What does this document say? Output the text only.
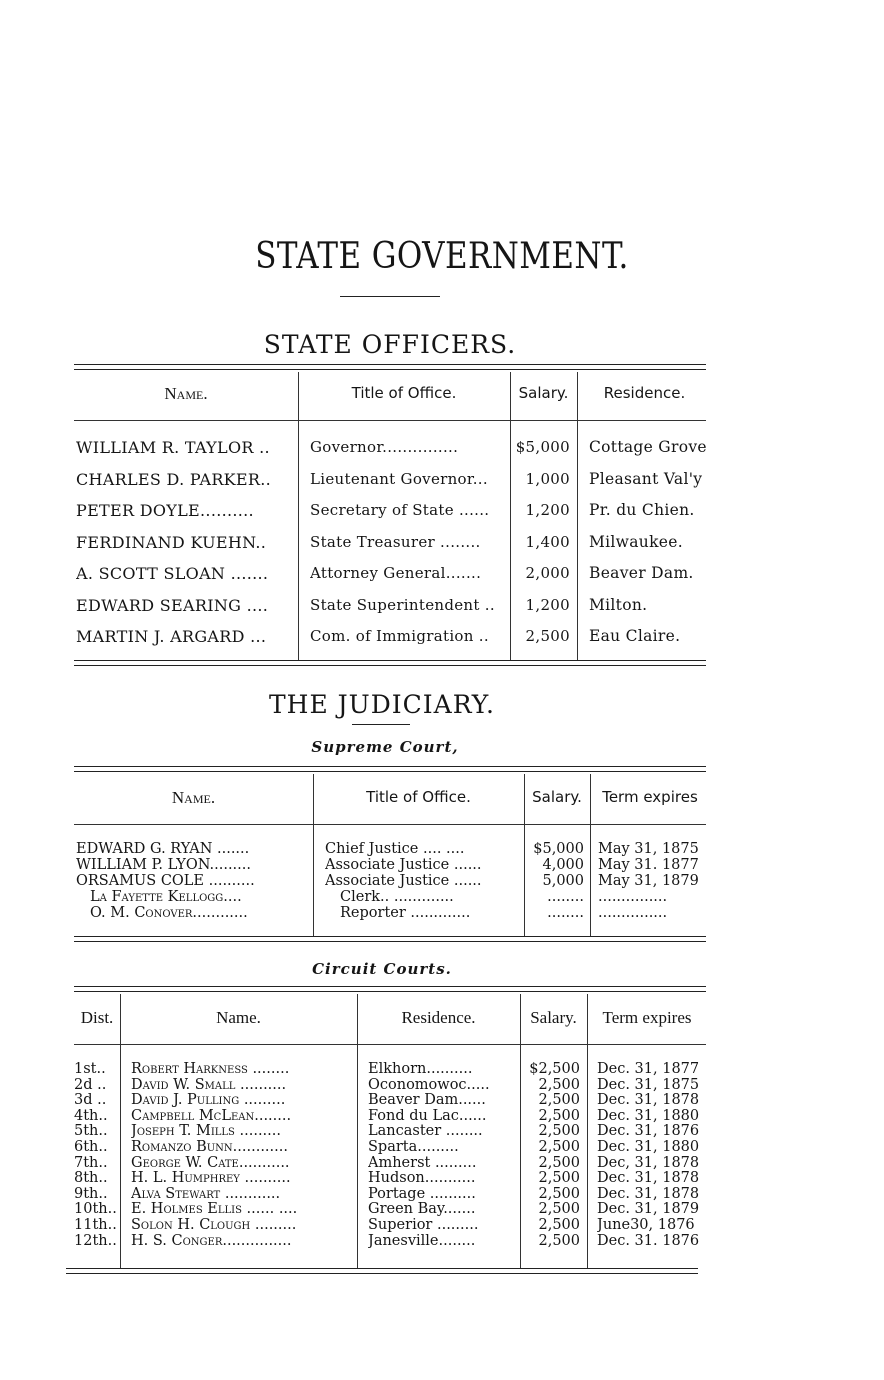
STATE GOVERNMENT.
STATE OFFICERS.
Name.	Title of Office.	Salary.	Residence.
WILLIAM R. TAYLOR ..	Governor...............	$5,000 Cottage Grove
CHARLES D. PARKER..	Lieutenant Governor...	1,000 Pleasant Val'y
PETER DOYLE..........	Secretary of State ......	1,200 Pr. du Chien.
FERDINAND KUEHN..	State Treasurer ........	1,400 Milwaukee.
A. SCOTT SLOAN .......	Attorney General.......	2,000 Beaver Dam.
EDWARD SEARING ....	State Superintendent ..	1,200 Milton.
MARTIN J. ARGARD ...	Com. of Immigration ..	2,500 Eau Claire.
THE JUDICIARY.
Supreme Court,
Name.	Title of Office.	Salary.	Term expires
EDWARD G. RYAN .......	Chief Justice .... ....	$5,000 May 31, 1875
WILLIAM P. LYON.........	Associate Justice ......	4,000 May 31. 1877
ORSAMUS COLE ..........	Associate Justice ......	5,000 May 31, 1879
La Fayette Kellogg....	Clerk.. .............	........ ...............
O. M. Conover............	Reporter .............	........ ...............
Circuit Courts.
Dist.	Name.	Residence.	Salary.	Term expires
1st..	Robert Harkness ........	Elkhorn..........	$2,500 Dec. 31, 1877
2d ..	David W. Small ..........	Oconomowoc.....	2,500 Dec. 31, 1875
3d ..	David J. Pulling .........	Beaver Dam......	2,500 Dec. 31, 1878
4th..	Campbell McLean........	Fond du Lac......	2,500 Dec. 31, 1880
5th..	Joseph T. Mills .........	Lancaster ........	2,500 Dec. 31, 1876
6th..	Romanzo Bunn............	Sparta.........	2,500 Dec. 31, 1880
7th..	George W. Cate...........	Amherst .........	2,500 Dec, 31, 1878
8th..	H. L. Humphrey ..........	Hudson...........	2,500 Dec. 31, 1878
9th..	Alva Stewart ............	Portage ..........	2,500 Dec. 31, 1878
10th.. E. Holmes Ellis ...... ....	Green Bay.......	2,500 Dec. 31, 1879
11th.. Solon H. Clough .........	Superior .........	2,500 June30, 1876
12th.. H. S. Conger...............	Janesville........	2,500 Dec. 31. 1876
